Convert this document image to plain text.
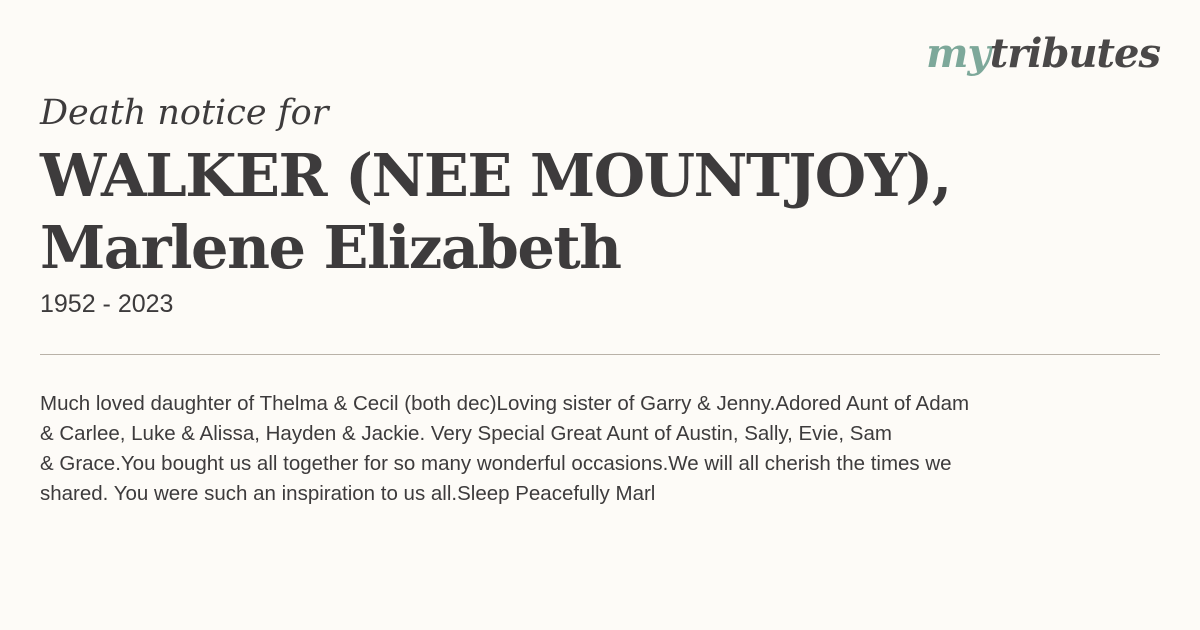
mytributes
Death notice for
WALKER (NEE MOUNTJOY),
Marlene Elizabeth
1952 - 2023
Much loved daughter of Thelma & Cecil (both dec)Loving sister of Garry & Jenny.Adored Aunt of Adam
& Carlee, Luke & Alissa, Hayden & Jackie. Very Special Great Aunt of Austin, Sally, Evie, Sam
& Grace.You bought us all together for so many wonderful occasions.We will all cherish the times we
shared. You were such an inspiration to us all.Sleep Peacefully Marl
